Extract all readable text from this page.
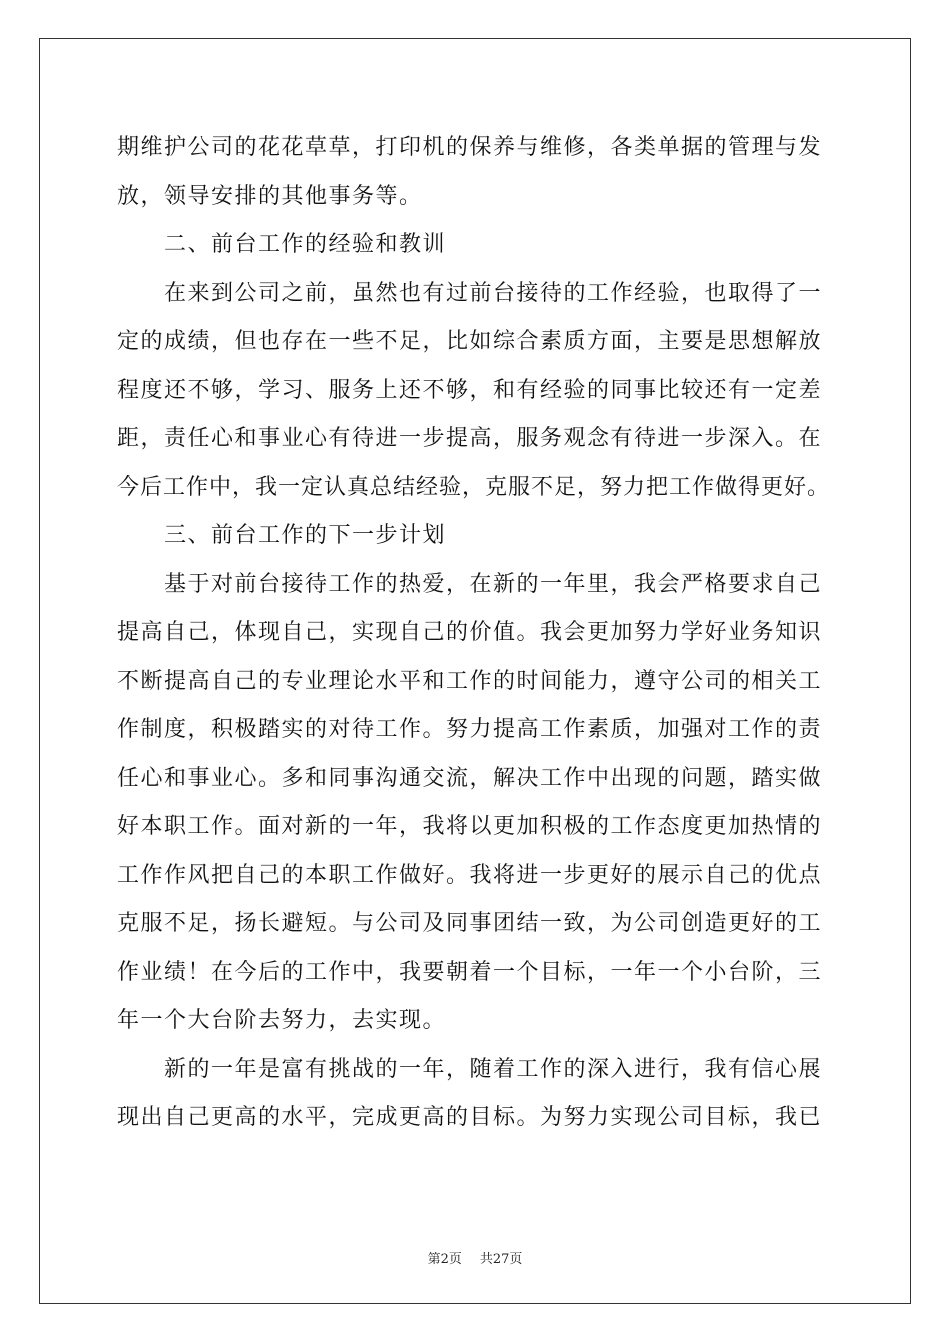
期维护公司的花花草草，打印机的保养与维修，各类单据的管理与发
放，领导安排的其他事务等。
二、前台工作的经验和教训
在来到公司之前，虽然也有过前台接待的工作经验，也取得了一
定的成绩，但也存在一些不足，比如综合素质方面，主要是思想解放
程度还不够，学习、服务上还不够，和有经验的同事比较还有一定差
距，责任心和事业心有待进一步提高，服务观念有待进一步深入。在
今后工作中，我一定认真总结经验，克服不足，努力把工作做得更好。
三、前台工作的下一步计划
基于对前台接待工作的热爱，在新的一年里，我会严格要求自己
提高自己，体现自己，实现自己的价值。我会更加努力学好业务知识
不断提高自己的专业理论水平和工作的时间能力，遵守公司的相关工
作制度，积极踏实的对待工作。努力提高工作素质，加强对工作的责
任心和事业心。多和同事沟通交流，解决工作中出现的问题，踏实做
好本职工作。面对新的一年，我将以更加积极的工作态度更加热情的
工作作风把自己的本职工作做好。我将进一步更好的展示自己的优点
克服不足，扬长避短。与公司及同事团结一致，为公司创造更好的工
作业绩！在今后的工作中，我要朝着一个目标，一年一个小台阶，三
年一个大台阶去努力，去实现。
新的一年是富有挑战的一年，随着工作的深入进行，我有信心展
现出自己更高的水平，完成更高的目标。为努力实现公司目标，我已
第2页 共27页
